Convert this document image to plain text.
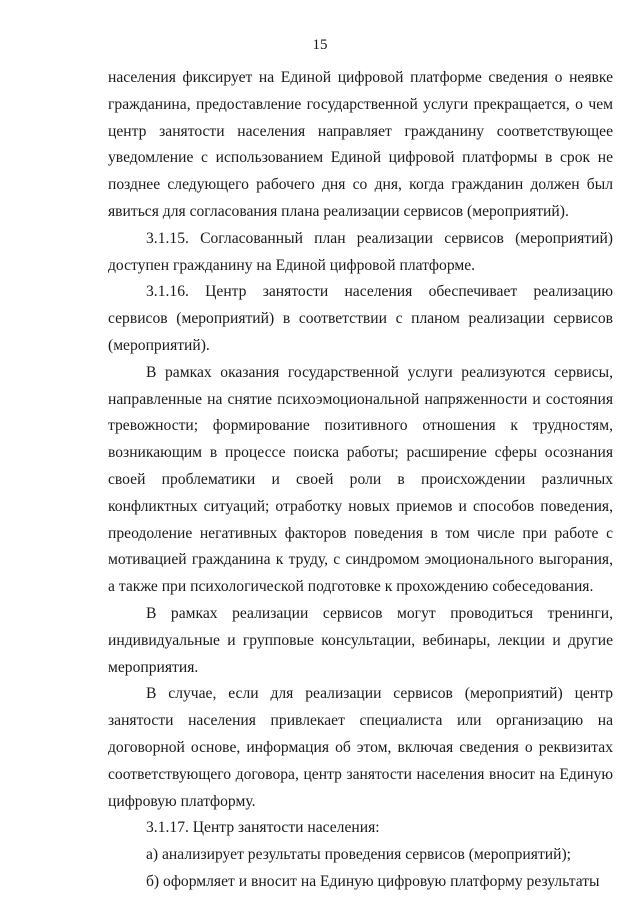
15

населения фиксирует на Единой цифровой платформе сведения о неявке гражданина, предоставление государственной услуги прекращается, о чем центр занятости населения направляет гражданину соответствующее уведомление с использованием Единой цифровой платформы в срок не позднее следующего рабочего дня со дня, когда гражданин должен был явиться для согласования плана реализации сервисов (мероприятий).

3.1.15. Согласованный план реализации сервисов (мероприятий) доступен гражданину на Единой цифровой платформе.

3.1.16. Центр занятости населения обеспечивает реализацию сервисов (мероприятий) в соответствии с планом реализации сервисов (мероприятий).

В рамках оказания государственной услуги реализуются сервисы, направленные на снятие психоэмоциональной напряженности и состояния тревожности; формирование позитивного отношения к трудностям, возникающим в процессе поиска работы; расширение сферы осознания своей проблематики и своей роли в происхождении различных конфликтных ситуаций; отработку новых приемов и способов поведения, преодоление негативных факторов поведения в том числе при работе с мотивацией гражданина к труду, с синдромом эмоционального выгорания, а также при психологической подготовке к прохождению собеседования.

В рамках реализации сервисов могут проводиться тренинги, индивидуальные и групповые консультации, вебинары, лекции и другие мероприятия.

В случае, если для реализации сервисов (мероприятий) центр занятости населения привлекает специалиста или организацию на договорной основе, информация об этом, включая сведения о реквизитах соответствующего договора, центр занятости населения вносит на Единую цифровую платформу.

3.1.17. Центр занятости населения:

а) анализирует результаты проведения сервисов (мероприятий);

б) оформляет и вносит на Единую цифровую платформу результаты
